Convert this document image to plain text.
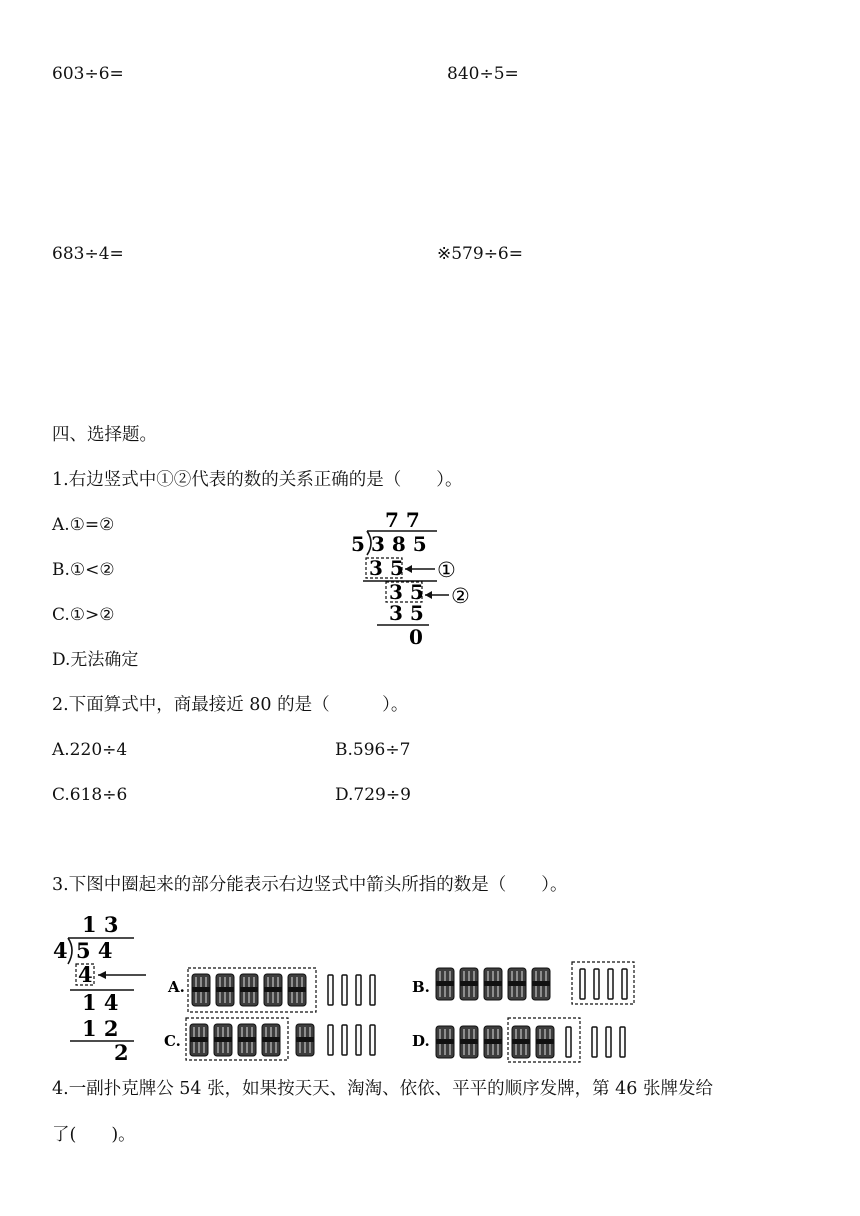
603÷6=	840÷5=
683÷4=	※579÷6=
四、选择题。
1.右边竖式中①②代表的数的关系正确的是（　　）。
A.①=②
B.①<②
C.①>②
D.无法确定
7 7
5 3 8 5
3 5 ①
3 5 ②
3 5
0
2.下面算式中，商最接近 80 的是（　　　）。
A.220÷4	B.596÷7
C.618÷6	D.729÷9
3.下图中圈起来的部分能表示右边竖式中箭头所指的数是（　　）。
1 3
4 5 4
4
1 4
1 2
2
A.	B.
C.	D.
4.一副扑克牌公 54 张，如果按天天、淘淘、依依、平平的顺序发牌，第 46 张牌发给
了(　　)。
